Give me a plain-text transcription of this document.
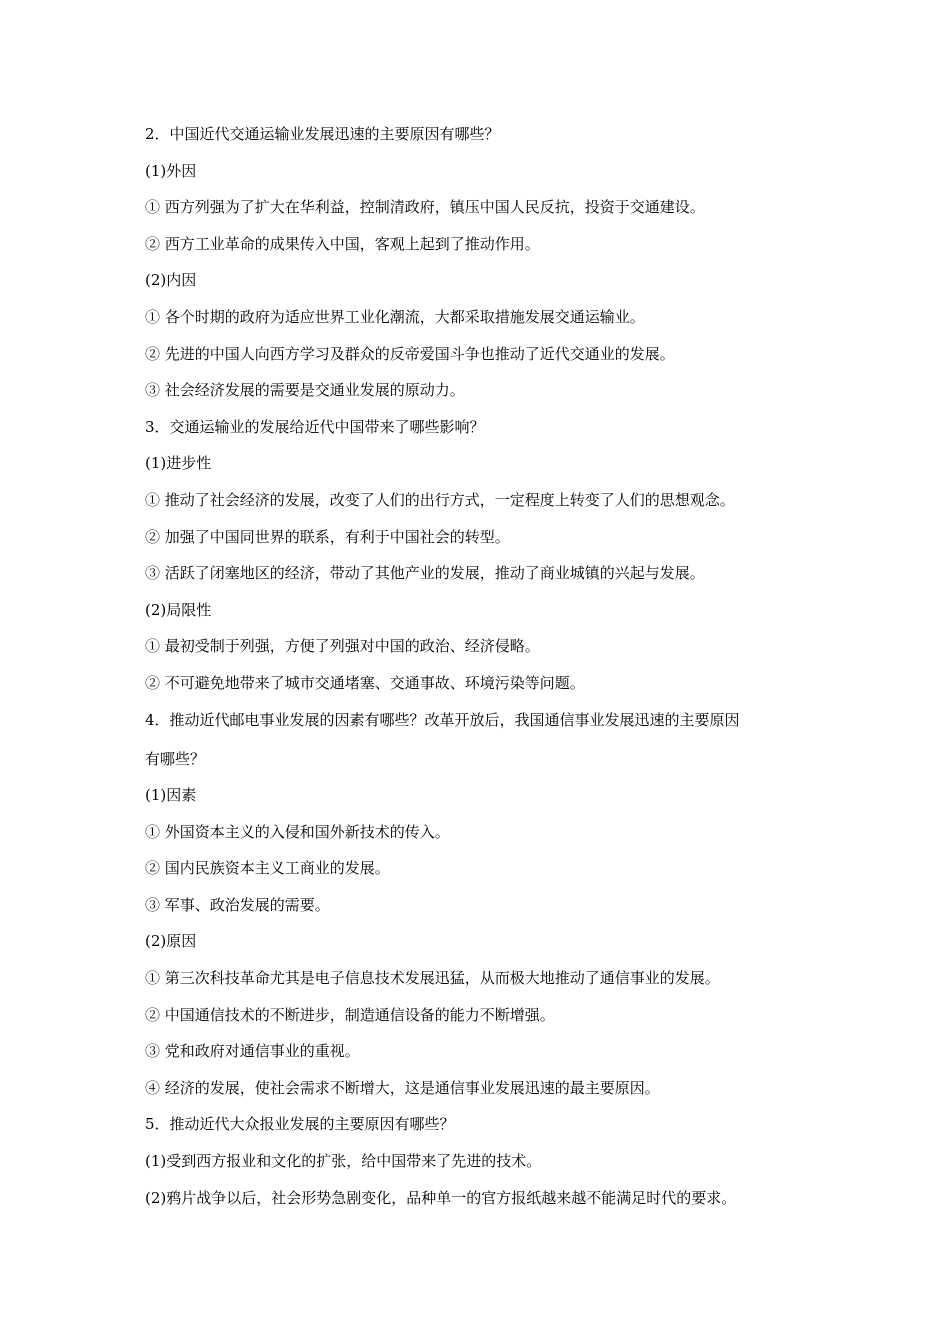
2．中国近代交通运输业发展迅速的主要原因有哪些？
(1)外因
① 西方列强为了扩大在华利益，控制清政府，镇压中国人民反抗，投资于交通建设。
② 西方工业革命的成果传入中国，客观上起到了推动作用。
(2)内因
① 各个时期的政府为适应世界工业化潮流，大都采取措施发展交通运输业。
② 先进的中国人向西方学习及群众的反帝爱国斗争也推动了近代交通业的发展。
③ 社会经济发展的需要是交通业发展的原动力。
3．交通运输业的发展给近代中国带来了哪些影响？
(1)进步性
① 推动了社会经济的发展，改变了人们的出行方式，一定程度上转变了人们的思想观念。
② 加强了中国同世界的联系，有利于中国社会的转型。
③ 活跃了闭塞地区的经济，带动了其他产业的发展，推动了商业城镇的兴起与发展。
(2)局限性
① 最初受制于列强，方便了列强对中国的政治、经济侵略。
② 不可避免地带来了城市交通堵塞、交通事故、环境污染等问题。
4．推动近代邮电事业发展的因素有哪些？改革开放后，我国通信事业发展迅速的主要原因
有哪些？
(1)因素
① 外国资本主义的入侵和国外新技术的传入。
② 国内民族资本主义工商业的发展。
③ 军事、政治发展的需要。
(2)原因
① 第三次科技革命尤其是电子信息技术发展迅猛，从而极大地推动了通信事业的发展。
② 中国通信技术的不断进步，制造通信设备的能力不断增强。
③ 党和政府对通信事业的重视。
④ 经济的发展，使社会需求不断增大，这是通信事业发展迅速的最主要原因。
5．推动近代大众报业发展的主要原因有哪些？
(1)受到西方报业和文化的扩张，给中国带来了先进的技术。
(2)鸦片战争以后，社会形势急剧变化，品种单一的官方报纸越来越不能满足时代的要求。
